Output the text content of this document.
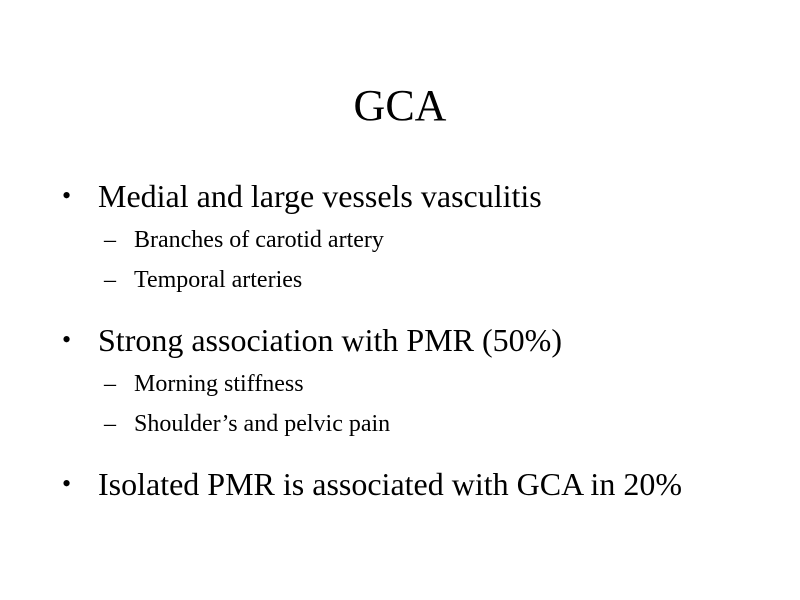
GCA
• Medial and large vessels vasculitis
– Branches of carotid artery
– Temporal arteries
• Strong association with PMR (50%)
– Morning stiffness
– Shoulder’s and pelvic pain
• Isolated PMR is associated with GCA in 20%
